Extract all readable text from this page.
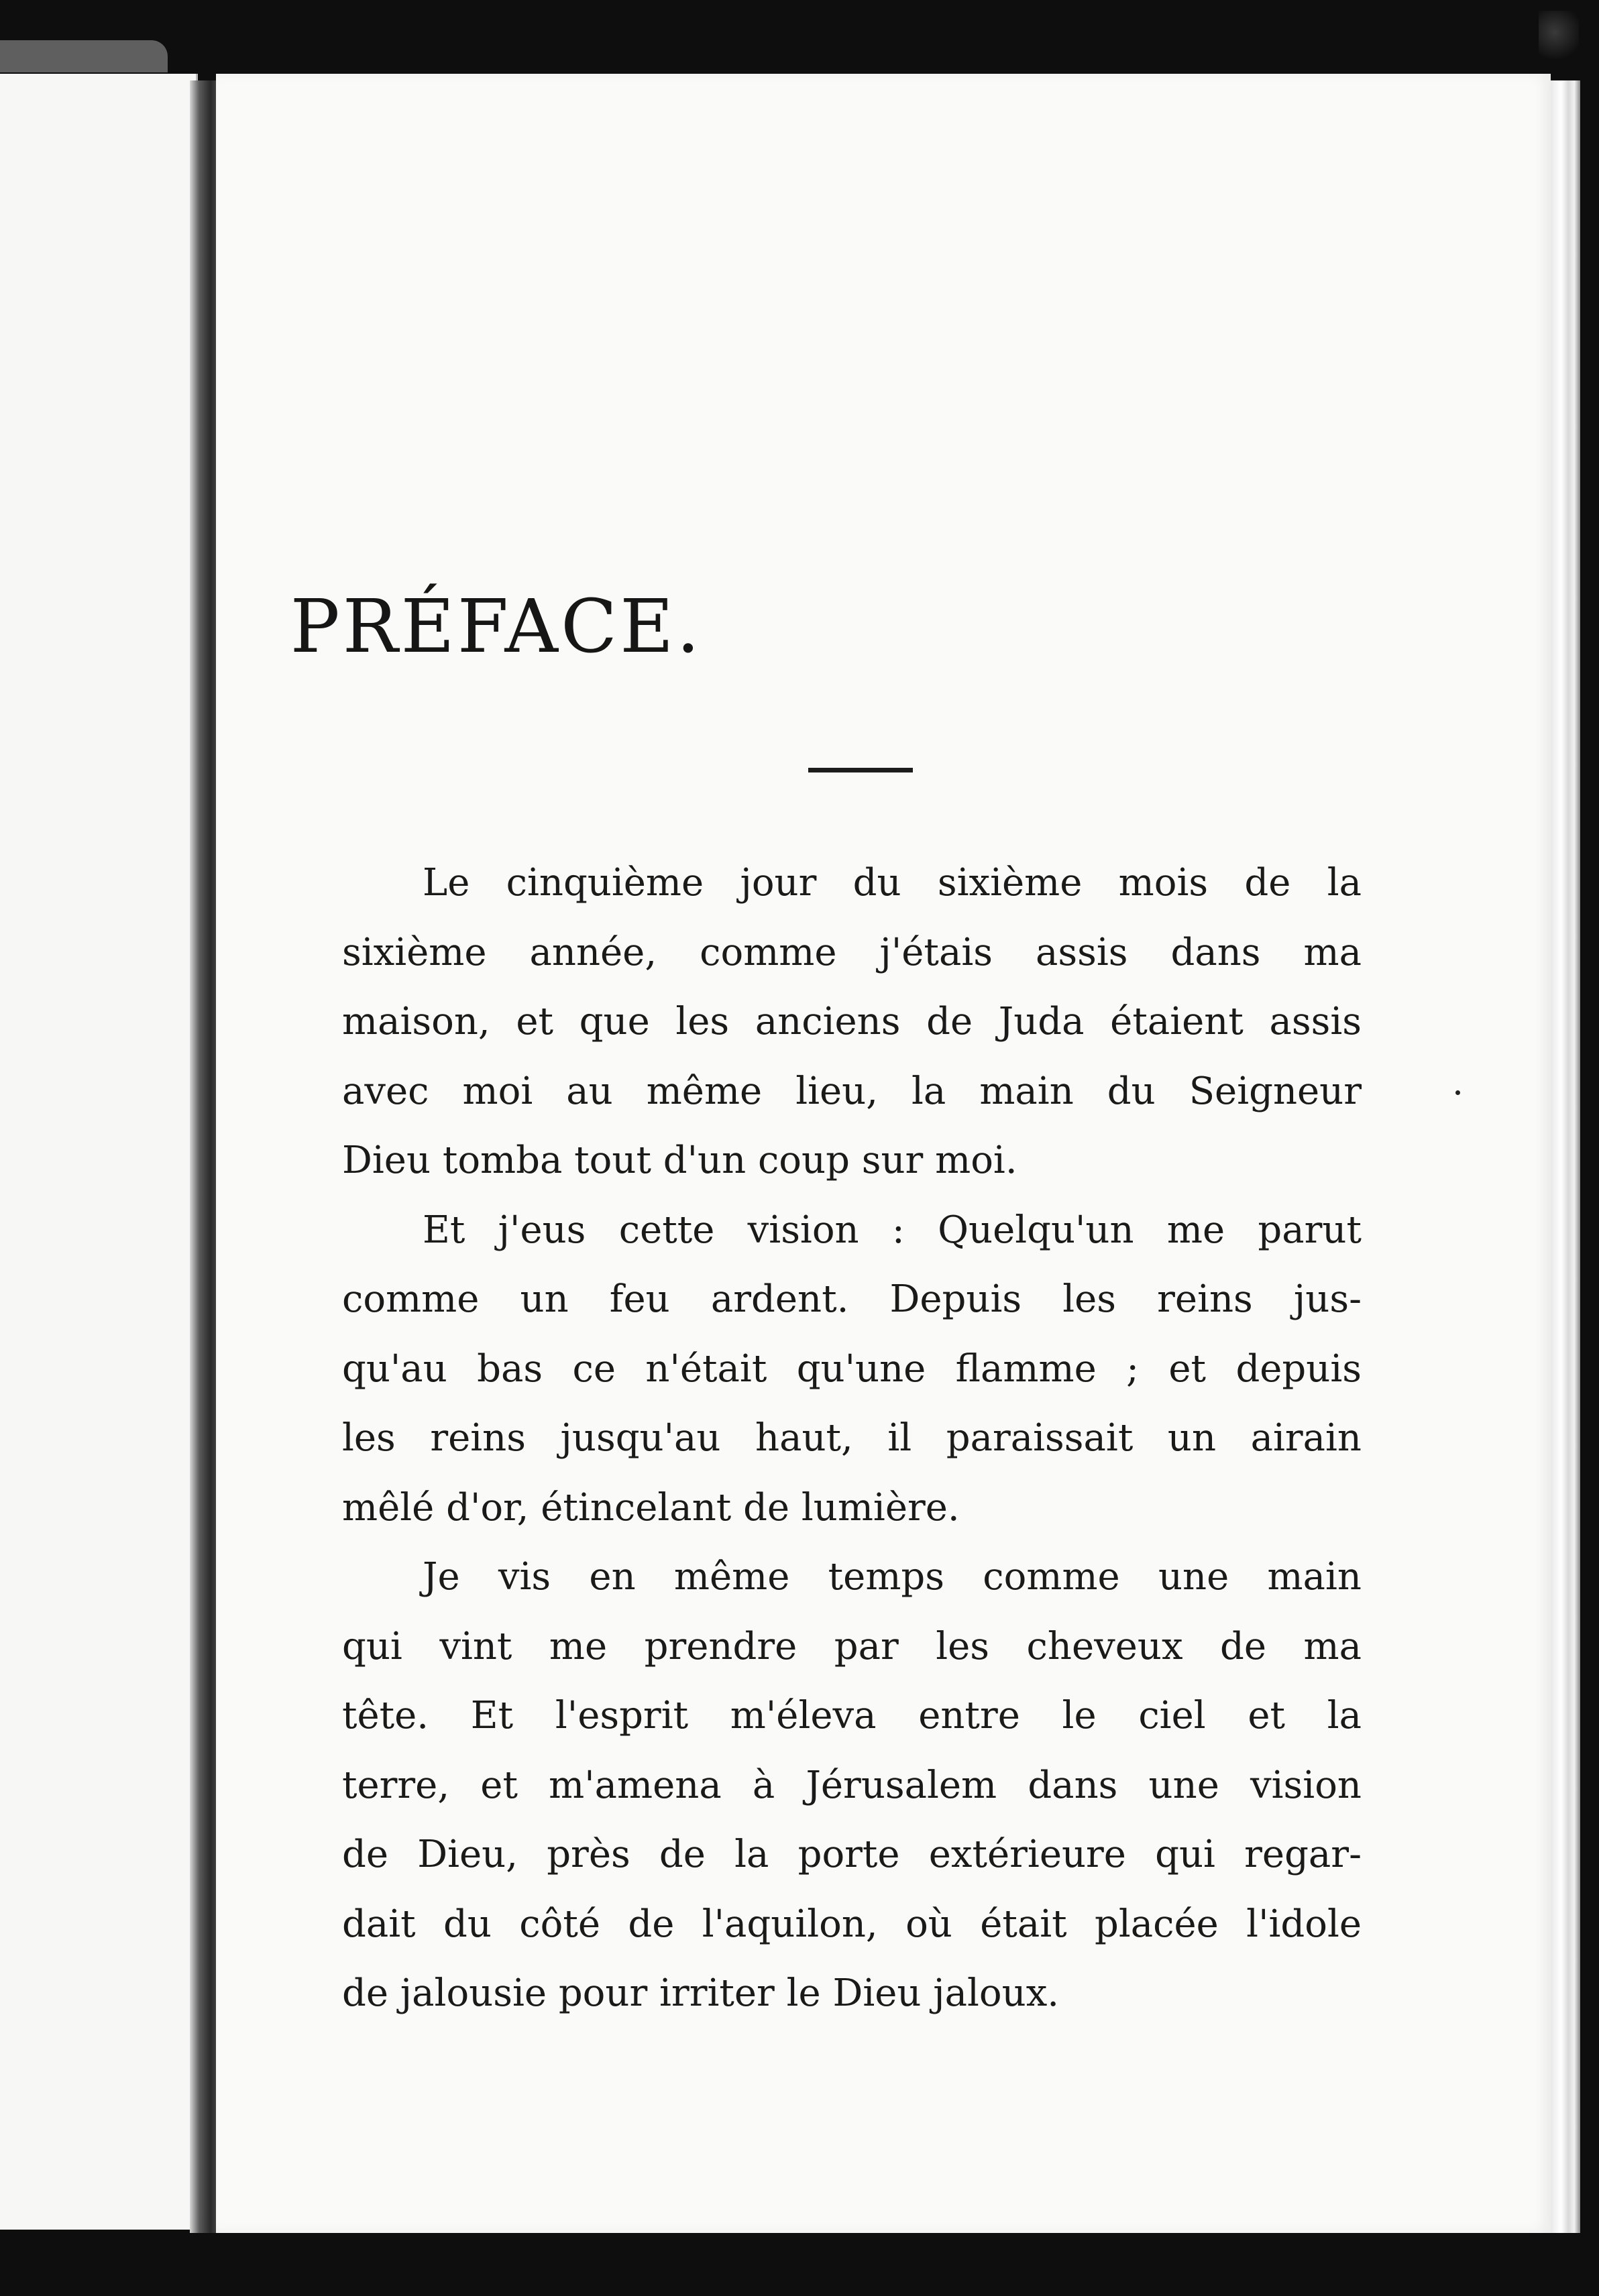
PRÉFACE.
Le cinquième jour du sixième mois de la
sixième année, comme j'étais assis dans ma
maison, et que les anciens de Juda étaient assis
avec moi au même lieu, la main du Seigneur
Dieu tomba tout d'un coup sur moi.
Et j'eus cette vision : Quelqu'un me parut
comme un feu ardent. Depuis les reins jus-
qu'au bas ce n'était qu'une flamme ; et depuis
les reins jusqu'au haut, il paraissait un airain
mêlé d'or, étincelant de lumière.
Je vis en même temps comme une main
qui vint me prendre par les cheveux de ma
tête. Et l'esprit m'éleva entre le ciel et la
terre, et m'amena à Jérusalem dans une vision
de Dieu, près de la porte extérieure qui regar-
dait du côté de l'aquilon, où était placée l'idole
de jalousie pour irriter le Dieu jaloux.
